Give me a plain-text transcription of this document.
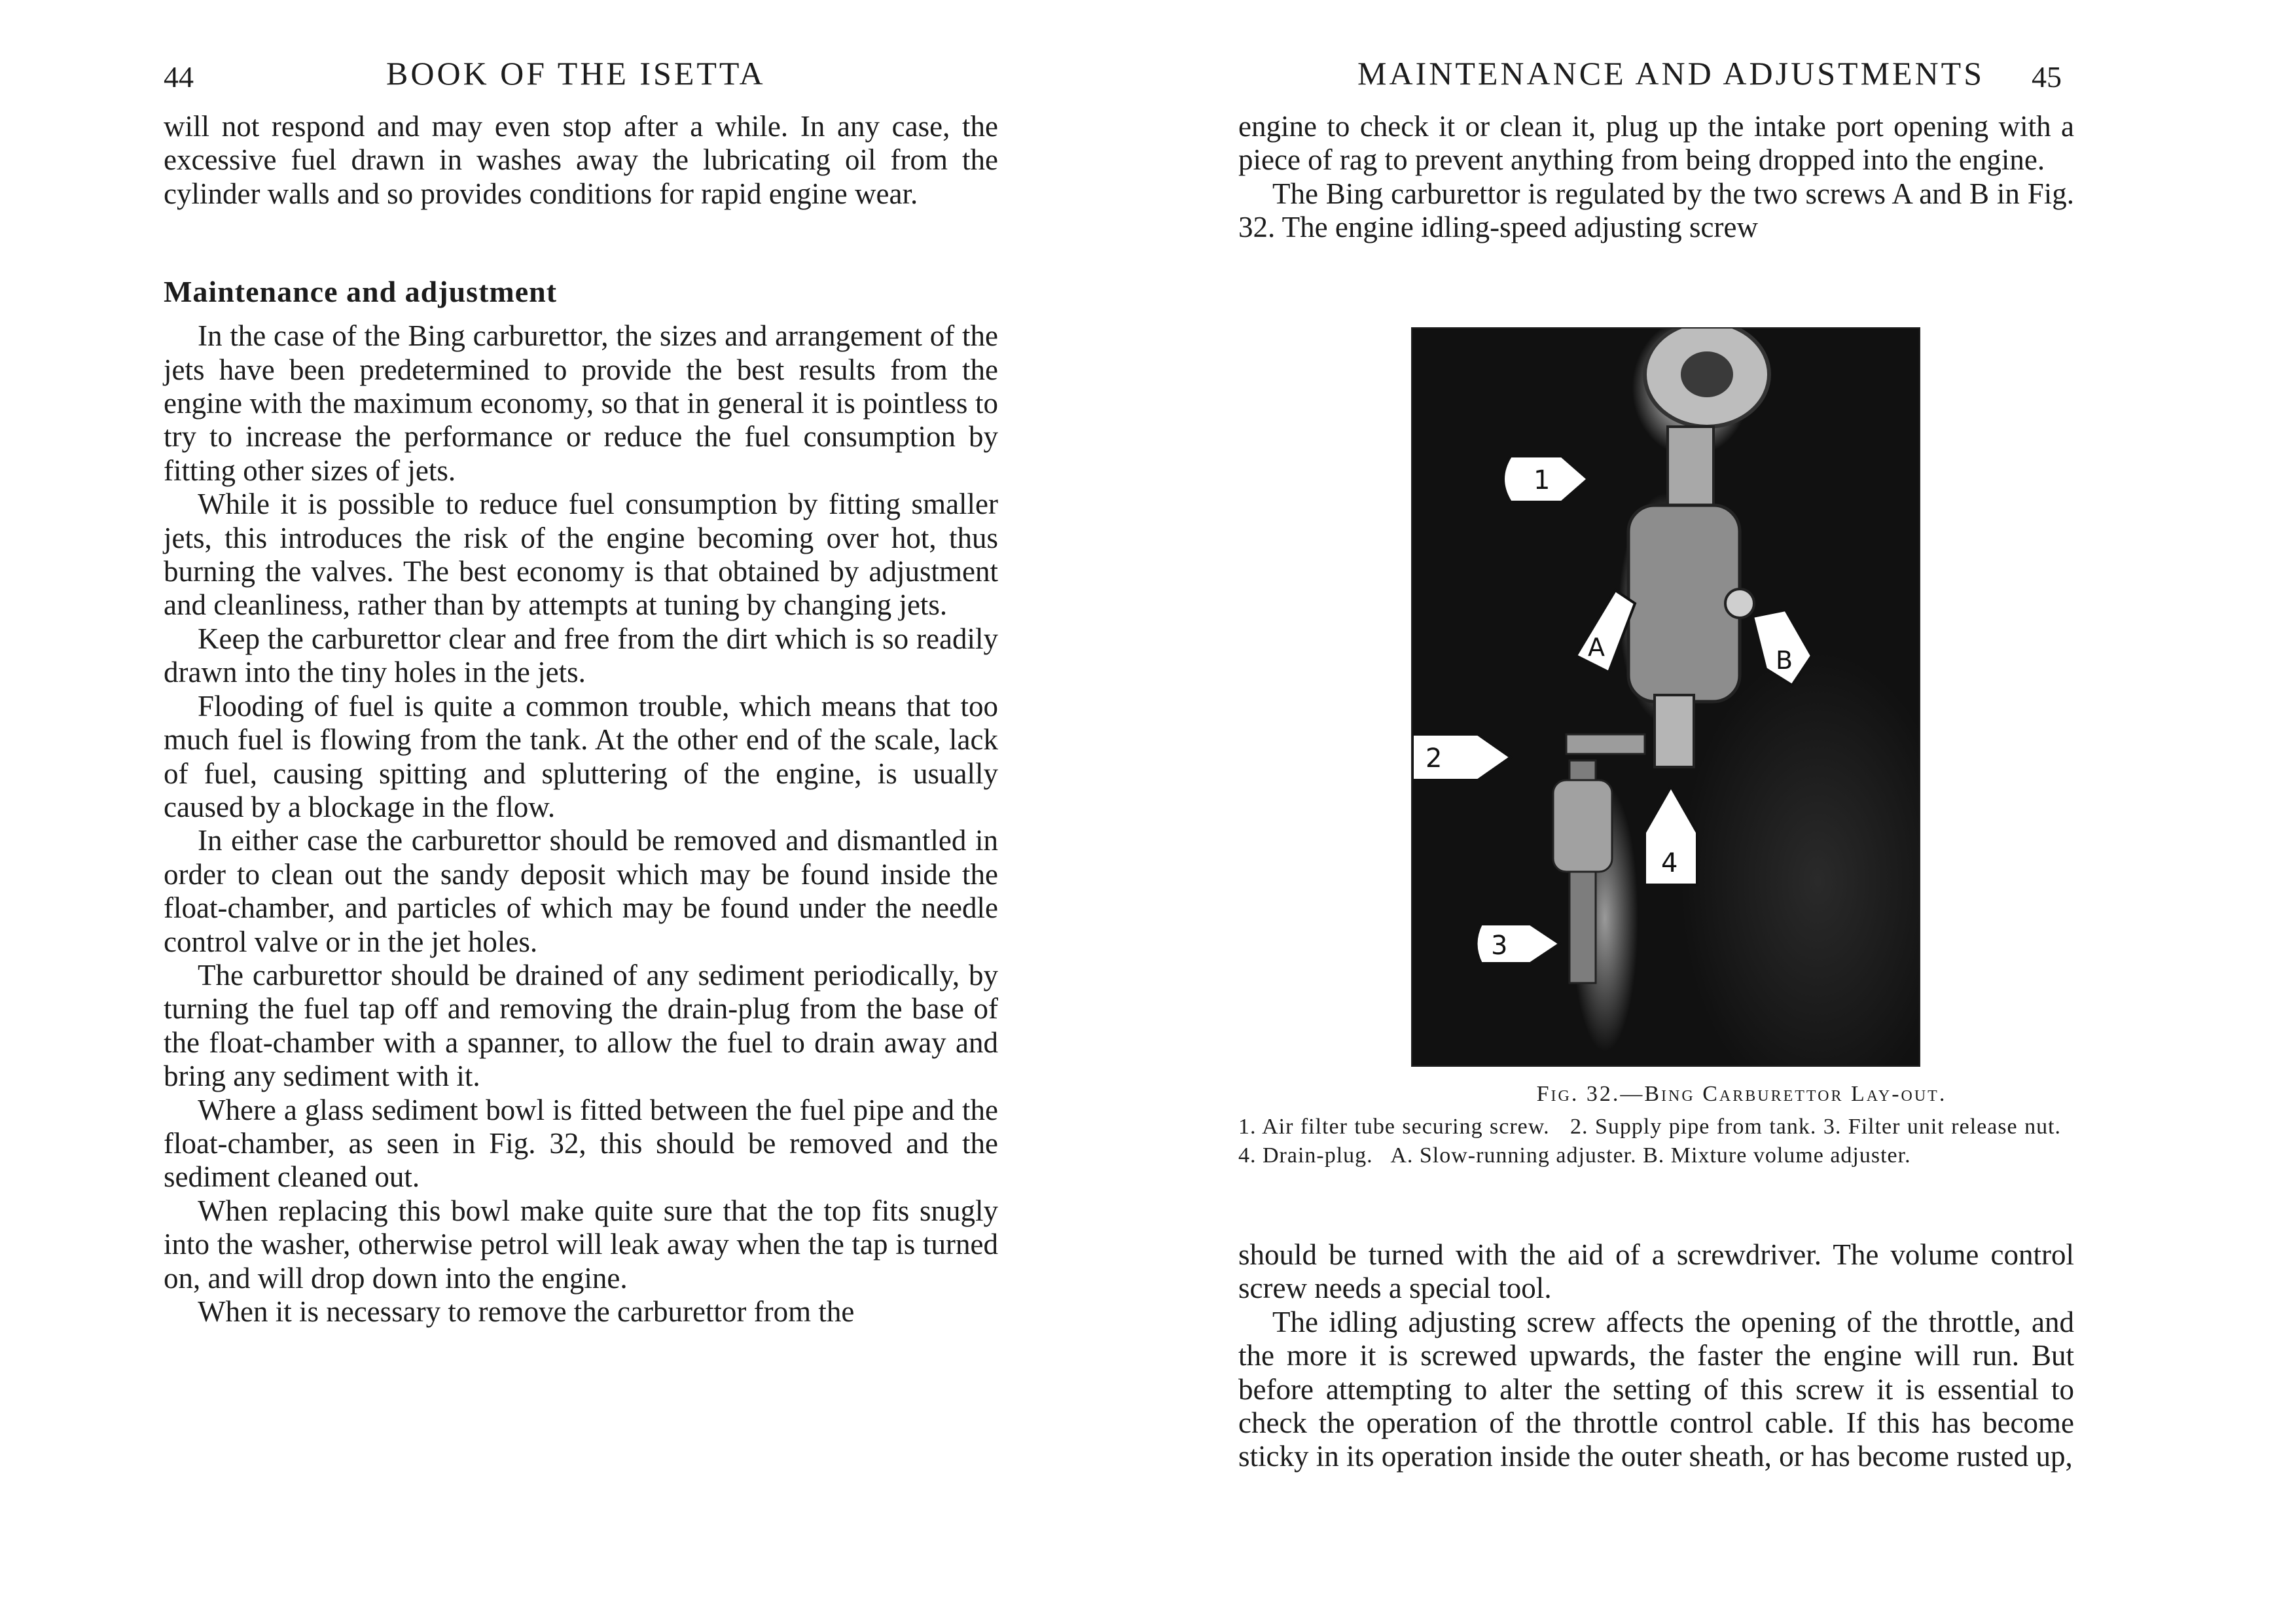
44	BOOK OF THE ISETTA

will not respond and may even stop after a while. In any case, the excessive fuel drawn in washes away the lubricating oil from the cylinder walls and so provides conditions for rapid engine wear.

Maintenance and adjustment

In the case of the Bing carburettor, the sizes and arrangement of the jets have been predetermined to provide the best results from the engine with the maximum economy, so that in general it is pointless to try to increase the performance or reduce the fuel consumption by fitting other sizes of jets.

While it is possible to reduce fuel consumption by fitting smaller jets, this introduces the risk of the engine becoming over hot, thus burning the valves. The best economy is that obtained by adjustment and cleanliness, rather than by attempts at tuning by changing jets.

Keep the carburettor clear and free from the dirt which is so readily drawn into the tiny holes in the jets.

Flooding of fuel is quite a common trouble, which means that too much fuel is flowing from the tank. At the other end of the scale, lack of fuel, causing spitting and spluttering of the engine, is usually caused by a blockage in the flow.

In either case the carburettor should be removed and dismantled in order to clean out the sandy deposit which may be found inside the float-chamber, and particles of which may be found under the needle control valve or in the jet holes.

The carburettor should be drained of any sediment periodically, by turning the fuel tap off and removing the drain-plug from the base of the float-chamber with a spanner, to allow the fuel to drain away and bring any sediment with it.

Where a glass sediment bowl is fitted between the fuel pipe and the float-chamber, as seen in Fig. 32, this should be removed and the sediment cleaned out.

When replacing this bowl make quite sure that the top fits snugly into the washer, otherwise petrol will leak away when the tap is turned on, and will drop down into the engine.

When it is necessary to remove the carburettor from the

MAINTENANCE AND ADJUSTMENTS 45

engine to check it or clean it, plug up the intake port opening with a piece of rag to prevent anything from being dropped into the engine.

The Bing carburettor is regulated by the two screws A and B in Fig. 32. The engine idling-speed adjusting screw

1
A	B
2
4
3
Fig. 32.—Bing Carburettor Lay-out.
1. Air filter tube securing screw. 2. Supply pipe from tank. 3. Filter unit release nut.   4. Drain-plug. A. Slow-running adjuster. B. Mixture volume adjuster.

should be turned with the aid of a screwdriver. The volume control screw needs a special tool.

The idling adjusting screw affects the opening of the throttle, and the more it is screwed upwards, the faster the engine will run. But before attempting to alter the setting of this screw it is essential to check the operation of the throttle control cable. If this has become sticky in its operation inside the outer sheath, or has become rusted up,
